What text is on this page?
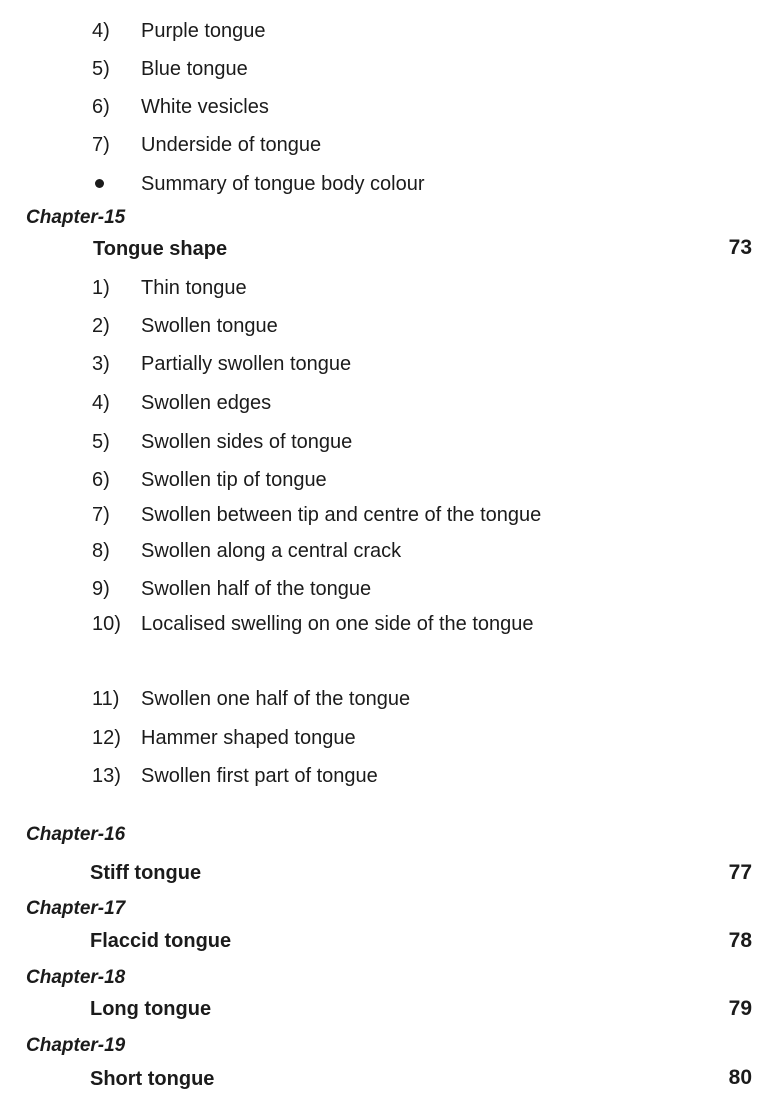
4) Purple tongue
5) Blue tongue
6) White vesicles
7) Underside of tongue
Summary of tongue body colour
Chapter-15
Tongue shape	73
1) Thin tongue
2) Swollen tongue
3) Partially swollen tongue
4) Swollen edges
5) Swollen sides of tongue
6) Swollen tip of tongue
7) Swollen between tip and centre of the tongue
8) Swollen along a central crack
9) Swollen half of the tongue
10) Localised swelling on one side of the tongue
11) Swollen one half of the tongue
12) Hammer shaped tongue
13) Swollen first part of tongue
Chapter-16
Stiff tongue	77
Chapter-17
Flaccid tongue	78
Chapter-18
Long tongue	79
Chapter-19
Short tongue	80
